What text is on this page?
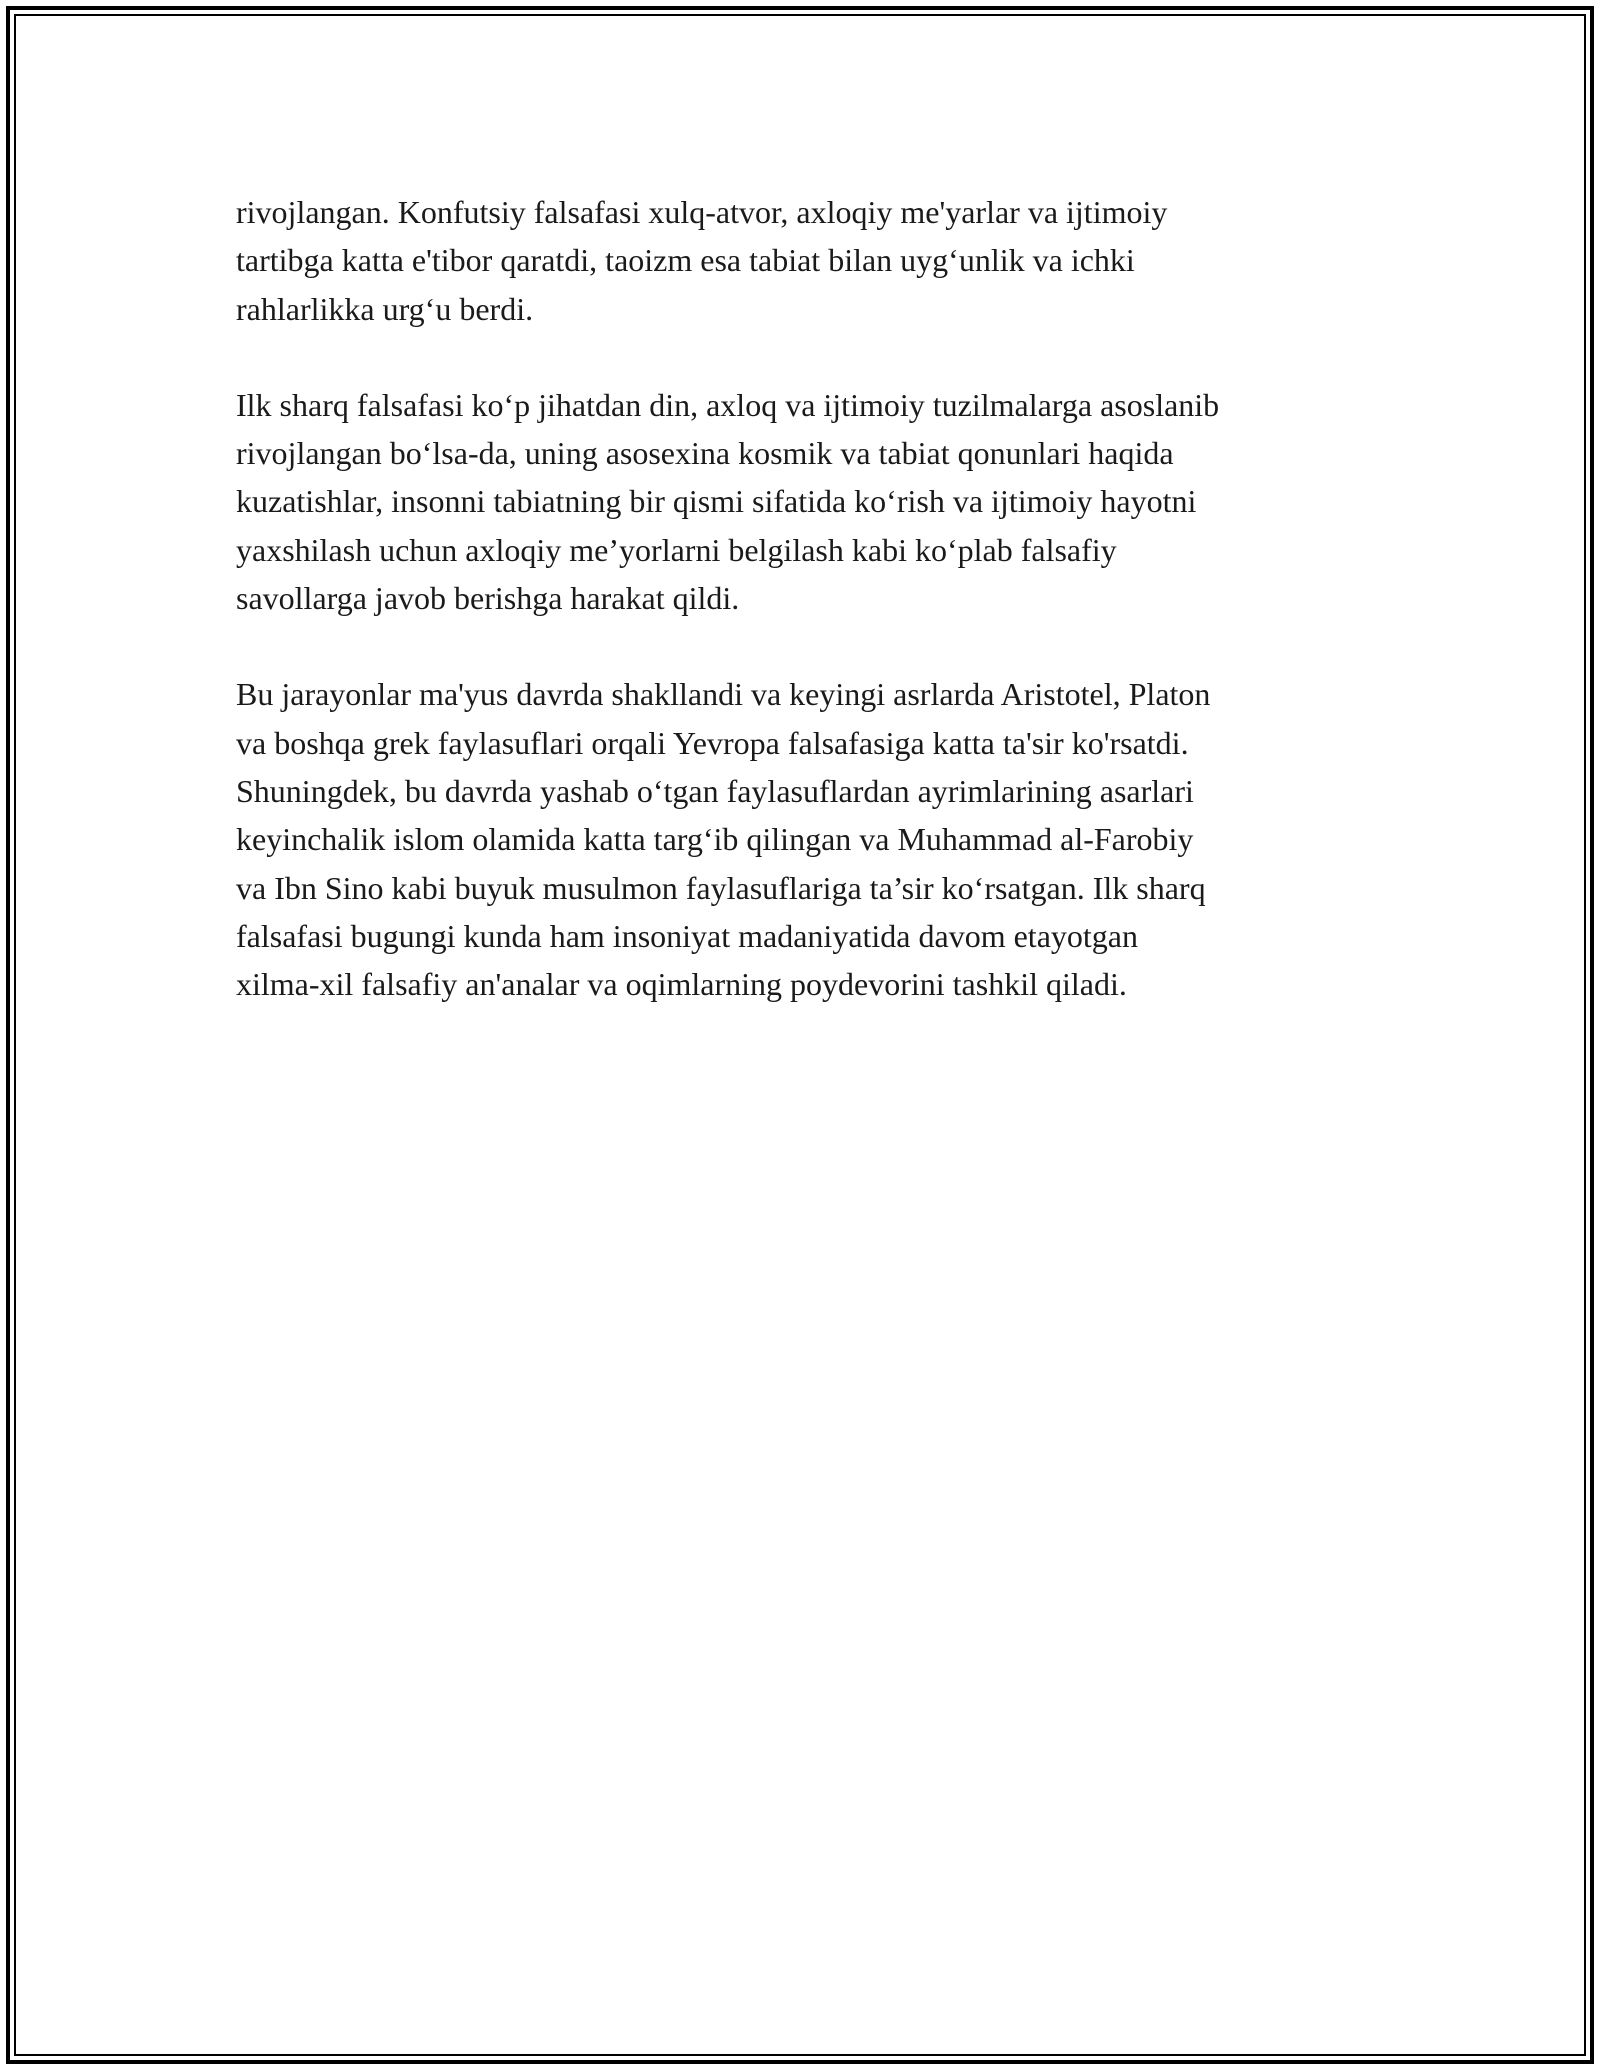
rivojlangan. Konfutsiy falsafasi xulq-atvor, axloqiy me'yarlar va ijtimoiy
tartibga katta e'tibor qaratdi, taoizm esa tabiat bilan uyg‘unlik va ichki
rahlarlikka urg‘u berdi.

Ilk sharq falsafasi ko‘p jihatdan din, axloq va ijtimoiy tuzilmalarga asoslanib
rivojlangan bo‘lsa-da, uning asosexina kosmik va tabiat qonunlari haqida
kuzatishlar, insonni tabiatning bir qismi sifatida ko‘rish va ijtimoiy hayotni
yaxshilash uchun axloqiy me’yorlarni belgilash kabi ko‘plab falsafiy
savollarga javob berishga harakat qildi.

Bu jarayonlar ma'yus davrda shakllandi va keyingi asrlarda Aristotel, Platon
va boshqa grek faylasuflari orqali Yevropa falsafasiga katta ta'sir ko'rsatdi.
Shuningdek, bu davrda yashab o‘tgan faylasuflardan ayrimlarining asarlari
keyinchalik islom olamida katta targ‘ib qilingan va Muhammad al-Farobiy
va Ibn Sino kabi buyuk musulmon faylasuflariga ta’sir ko‘rsatgan. Ilk sharq
falsafasi bugungi kunda ham insoniyat madaniyatida davom etayotgan
xilma-xil falsafiy an'analar va oqimlarning poydevorini tashkil qiladi.
